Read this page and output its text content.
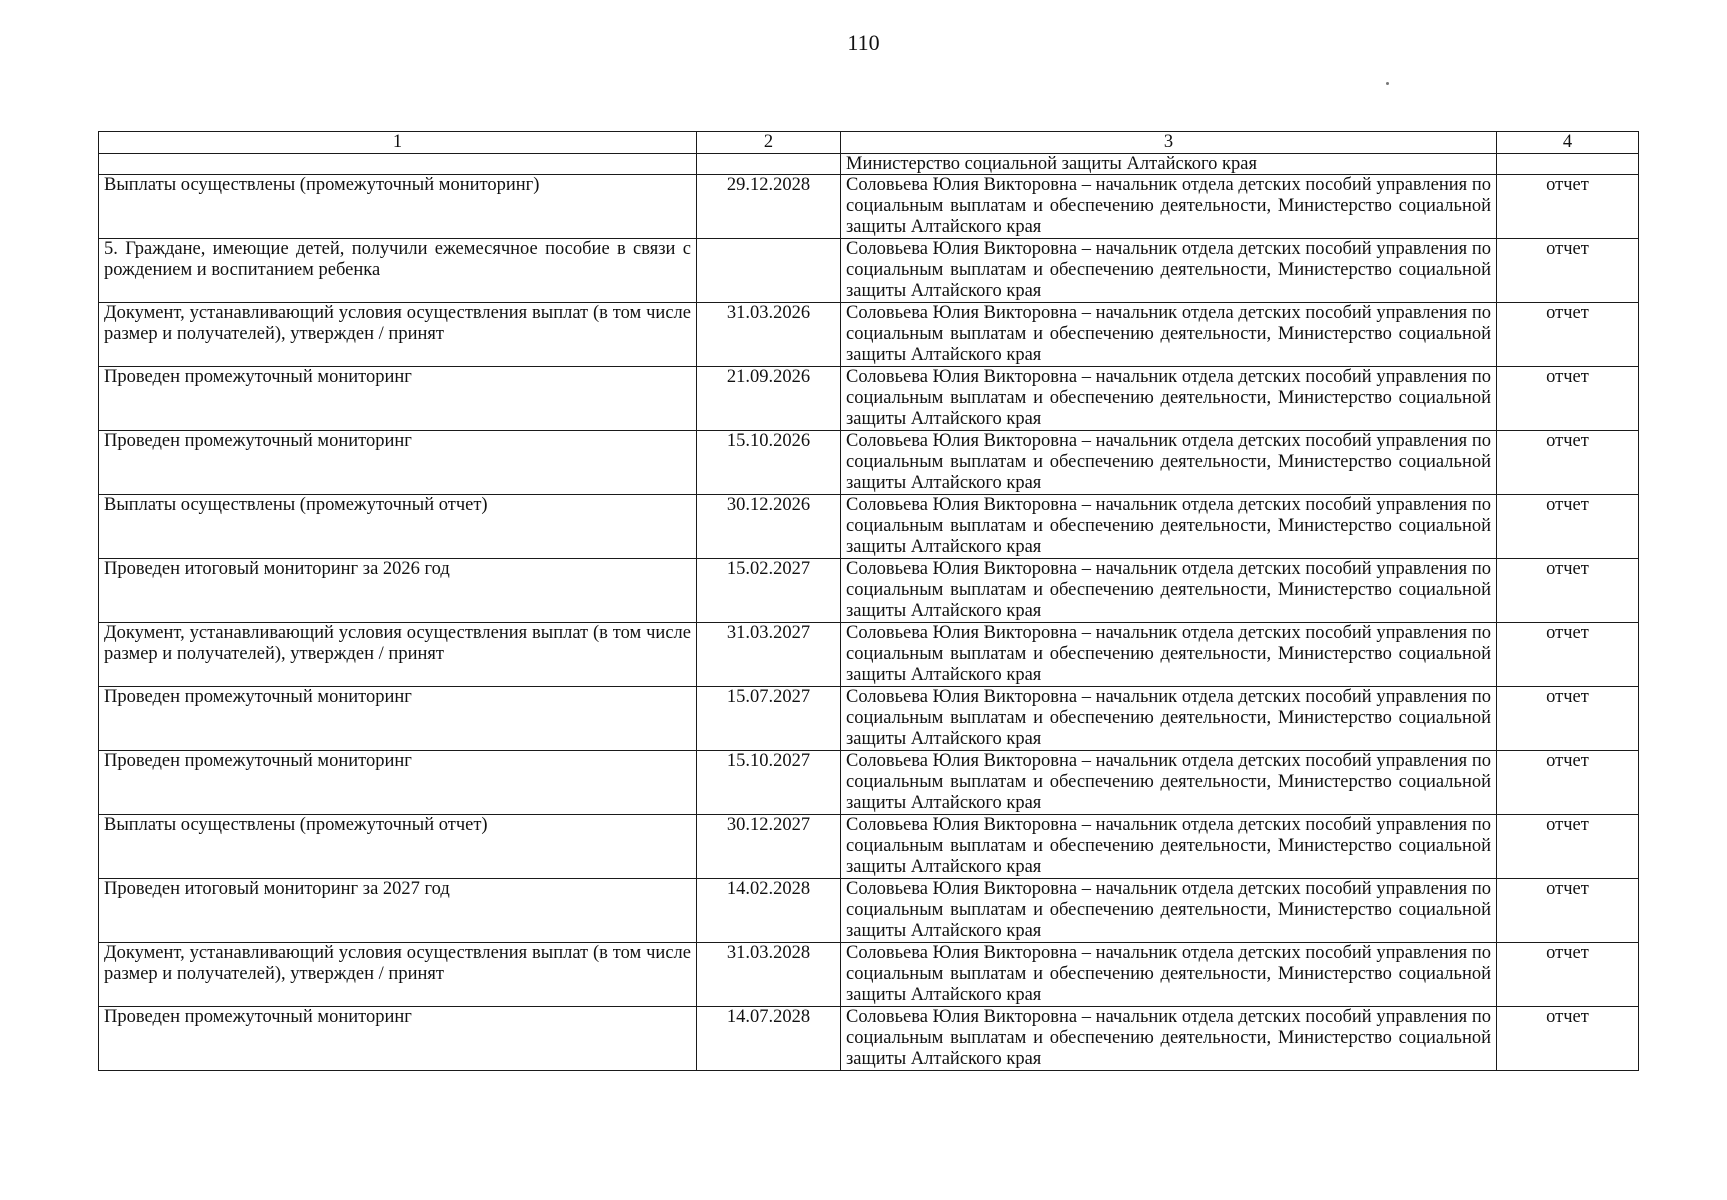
110
1	2	3	4
		Министерство социальной защиты Алтайского края	
Выплаты осуществлены (промежуточный мониторинг)	29.12.2028	Соловьева Юлия Викторовна – начальник отдела детских пособий управления по социальным выплатам и обеспечению деятельности, Министерство социальной защиты Алтайского края	отчет
5. Граждане, имеющие детей, получили ежемесячное пособие в связи с рождением и воспитанием ребенка		Соловьева Юлия Викторовна – начальник отдела детских пособий управления по социальным выплатам и обеспечению деятельности, Министерство социальной защиты Алтайского края	отчет
Документ, устанавливающий условия осуществления выплат (в том числе размер и получателей), утвержден / принят	31.03.2026	Соловьева Юлия Викторовна – начальник отдела детских пособий управления по социальным выплатам и обеспечению деятельности, Министерство социальной защиты Алтайского края	отчет
Проведен промежуточный мониторинг	21.09.2026	Соловьева Юлия Викторовна – начальник отдела детских пособий управления по социальным выплатам и обеспечению деятельности, Министерство социальной защиты Алтайского края	отчет
Проведен промежуточный мониторинг	15.10.2026	Соловьева Юлия Викторовна – начальник отдела детских пособий управления по социальным выплатам и обеспечению деятельности, Министерство социальной защиты Алтайского края	отчет
Выплаты осуществлены (промежуточный отчет)	30.12.2026	Соловьева Юлия Викторовна – начальник отдела детских пособий управления по социальным выплатам и обеспечению деятельности, Министерство социальной защиты Алтайского края	отчет
Проведен итоговый мониторинг за 2026 год	15.02.2027	Соловьева Юлия Викторовна – начальник отдела детских пособий управления по социальным выплатам и обеспечению деятельности, Министерство социальной защиты Алтайского края	отчет
Документ, устанавливающий условия осуществления выплат (в том числе размер и получателей), утвержден / принят	31.03.2027	Соловьева Юлия Викторовна – начальник отдела детских пособий управления по социальным выплатам и обеспечению деятельности, Министерство социальной защиты Алтайского края	отчет
Проведен промежуточный мониторинг	15.07.2027	Соловьева Юлия Викторовна – начальник отдела детских пособий управления по социальным выплатам и обеспечению деятельности, Министерство социальной защиты Алтайского края	отчет
Проведен промежуточный мониторинг	15.10.2027	Соловьева Юлия Викторовна – начальник отдела детских пособий управления по социальным выплатам и обеспечению деятельности, Министерство социальной защиты Алтайского края	отчет
Выплаты осуществлены (промежуточный отчет)	30.12.2027	Соловьева Юлия Викторовна – начальник отдела детских пособий управления по социальным выплатам и обеспечению деятельности, Министерство социальной защиты Алтайского края	отчет
Проведен итоговый мониторинг за 2027 год	14.02.2028	Соловьева Юлия Викторовна – начальник отдела детских пособий управления по социальным выплатам и обеспечению деятельности, Министерство социальной защиты Алтайского края	отчет
Документ, устанавливающий условия осуществления выплат (в том числе размер и получателей), утвержден / принят	31.03.2028	Соловьева Юлия Викторовна – начальник отдела детских пособий управления по социальным выплатам и обеспечению деятельности, Министерство социальной защиты Алтайского края	отчет
Проведен промежуточный мониторинг	14.07.2028	Соловьева Юлия Викторовна – начальник отдела детских пособий управления по социальным выплатам и обеспечению деятельности, Министерство социальной защиты Алтайского края	отчет
